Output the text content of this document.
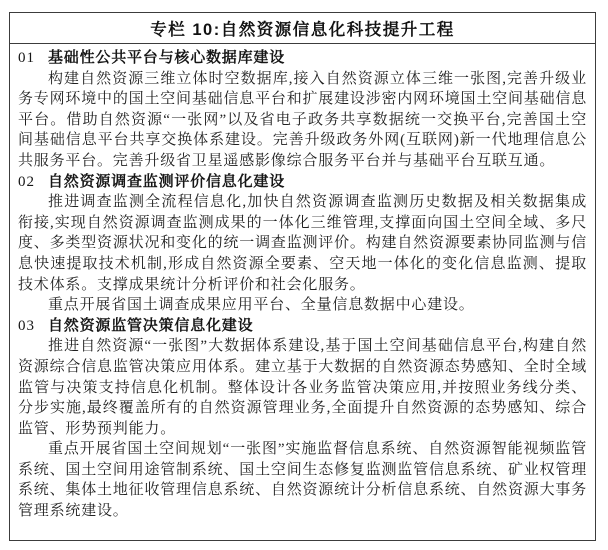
专栏 10:自然资源信息化科技提升工程
01 基础性公共平台与核心数据库建设

构建自然资源三维立体时空数据库,接入自然资源立体三维一张图,完善升级业务专网环境中的国土空间基础信息平台和扩展建设涉密内网环境国土空间基础信息平台。借助自然资源“一张网”以及省电子政务共享数据统一交换平台,完善国土空间基础信息平台共享交换体系建设。完善升级政务外网(互联网)新一代地理信息公共服务平台。完善升级省卫星遥感影像综合服务平台并与基础平台互联互通。

02 自然资源调查监测评价信息化建设

推进调查监测全流程信息化,加快自然资源调查监测历史数据及相关数据集成衔接,实现自然资源调查监测成果的一体化三维管理,支撑面向国土空间全域、多尺度、多类型资源状况和变化的统一调查监测评价。构建自然资源要素协同监测与信息快速提取技术机制,形成自然资源全要素、空天地一体化的变化信息监测、提取技术体系。支撑成果统计分析评价和社会化服务。

重点开展省国土调查成果应用平台、全量信息数据中心建设。

03 自然资源监管决策信息化建设

推进自然资源“一张图”大数据体系建设,基于国土空间基础信息平台,构建自然资源综合信息监管决策应用体系。建立基于大数据的自然资源态势感知、全时全域监管与决策支持信息化机制。整体设计各业务监管决策应用,并按照业务线分类、分步实施,最终覆盖所有的自然资源管理业务,全面提升自然资源的态势感知、综合监管、形势预判能力。

重点开展省国土空间规划“一张图”实施监督信息系统、自然资源智能视频监管系统、国土空间用途管制系统、国土空间生态修复监测监管信息系统、矿业权管理系统、集体土地征收管理信息系统、自然资源统计分析信息系统、自然资源大事务管理系统建设。
